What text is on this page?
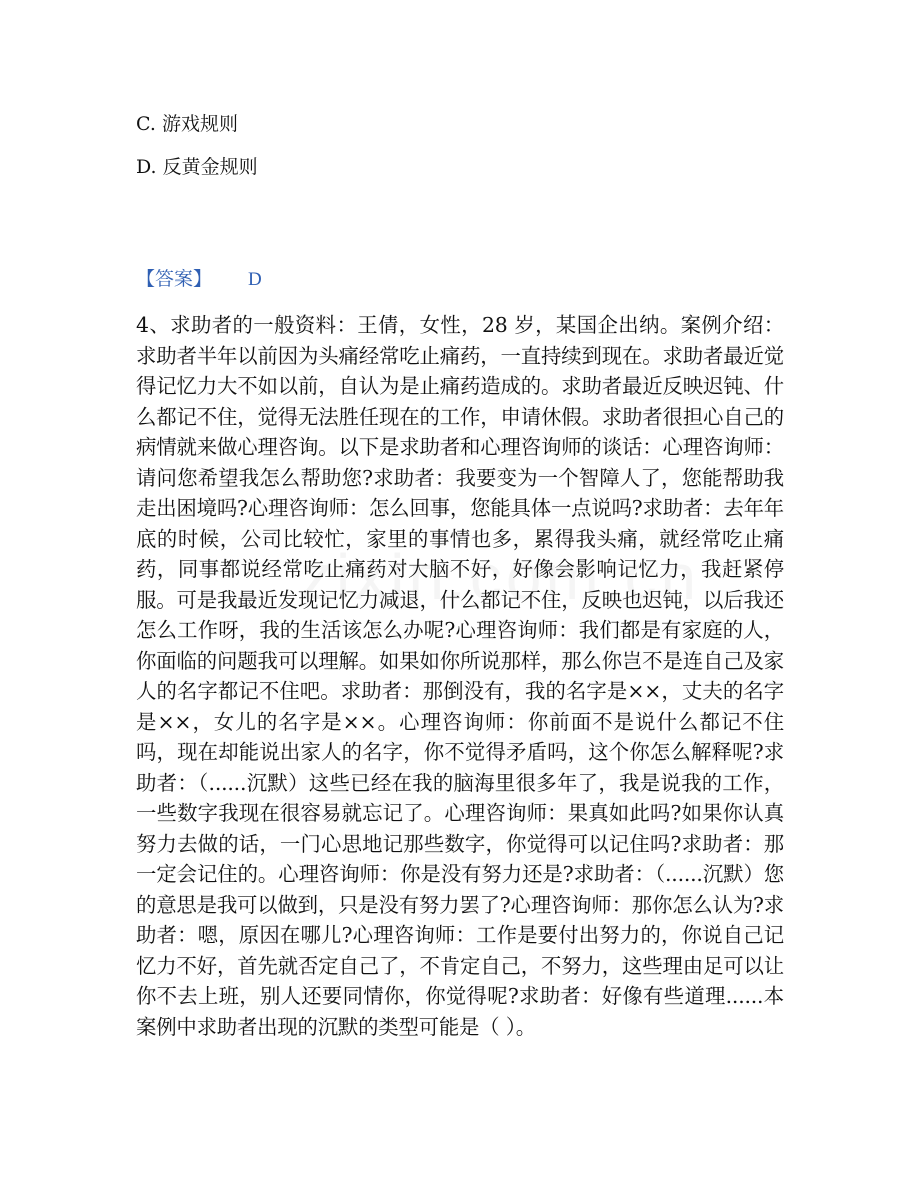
C. 游戏规则
D. 反黄金规则
【答案】 D
4、求助者的一般资料：王倩，女性，28 岁，某国企出纳。案例介绍：求助者半年以前因为头痛经常吃止痛药，一直持续到现在。求助者最近觉得记忆力大不如以前，自认为是止痛药造成的。求助者最近反映迟钝、什么都记不住，觉得无法胜任现在的工作，申请休假。求助者很担心自己的病情就来做心理咨询。以下是求助者和心理咨询师的谈话：心理咨询师：请问您希望我怎么帮助您?求助者：我要变为一个智障人了，您能帮助我走出困境吗?心理咨询师：怎么回事，您能具体一点说吗?求助者：去年年底的时候，公司比较忙，家里的事情也多，累得我头痛，就经常吃止痛药，同事都说经常吃止痛药对大脑不好，好像会影响记忆力，我赶紧停服。可是我最近发现记忆力减退，什么都记不住，反映也迟钝，以后我还怎么工作呀，我的生活该怎么办呢?心理咨询师：我们都是有家庭的人，你面临的问题我可以理解。如果如你所说那样，那么你岂不是连自己及家人的名字都记不住吧。求助者：那倒没有，我的名字是××，丈夫的名字是××，女儿的名字是××。心理咨询师：你前面不是说什么都记不住吗，现在却能说出家人的名字，你不觉得矛盾吗，这个你怎么解释呢?求助者：（......沉默）这些已经在我的脑海里很多年了，我是说我的工作，一些数字我现在很容易就忘记了。心理咨询师：果真如此吗?如果你认真努力去做的话，一门心思地记那些数字，你觉得可以记住吗?求助者：那一定会记住的。心理咨询师：你是没有努力还是?求助者：（......沉默）您的意思是我可以做到，只是没有努力罢了?心理咨询师：那你怎么认为?求助者：嗯，原因在哪儿?心理咨询师：工作是要付出努力的，你说自己记忆力不好，首先就否定自己了，不肯定自己，不努力，这些理由足可以让你不去上班，别人还要同情你，你觉得呢?求助者：好像有些道理......本案例中求助者出现的沉默的类型可能是（ ）。
